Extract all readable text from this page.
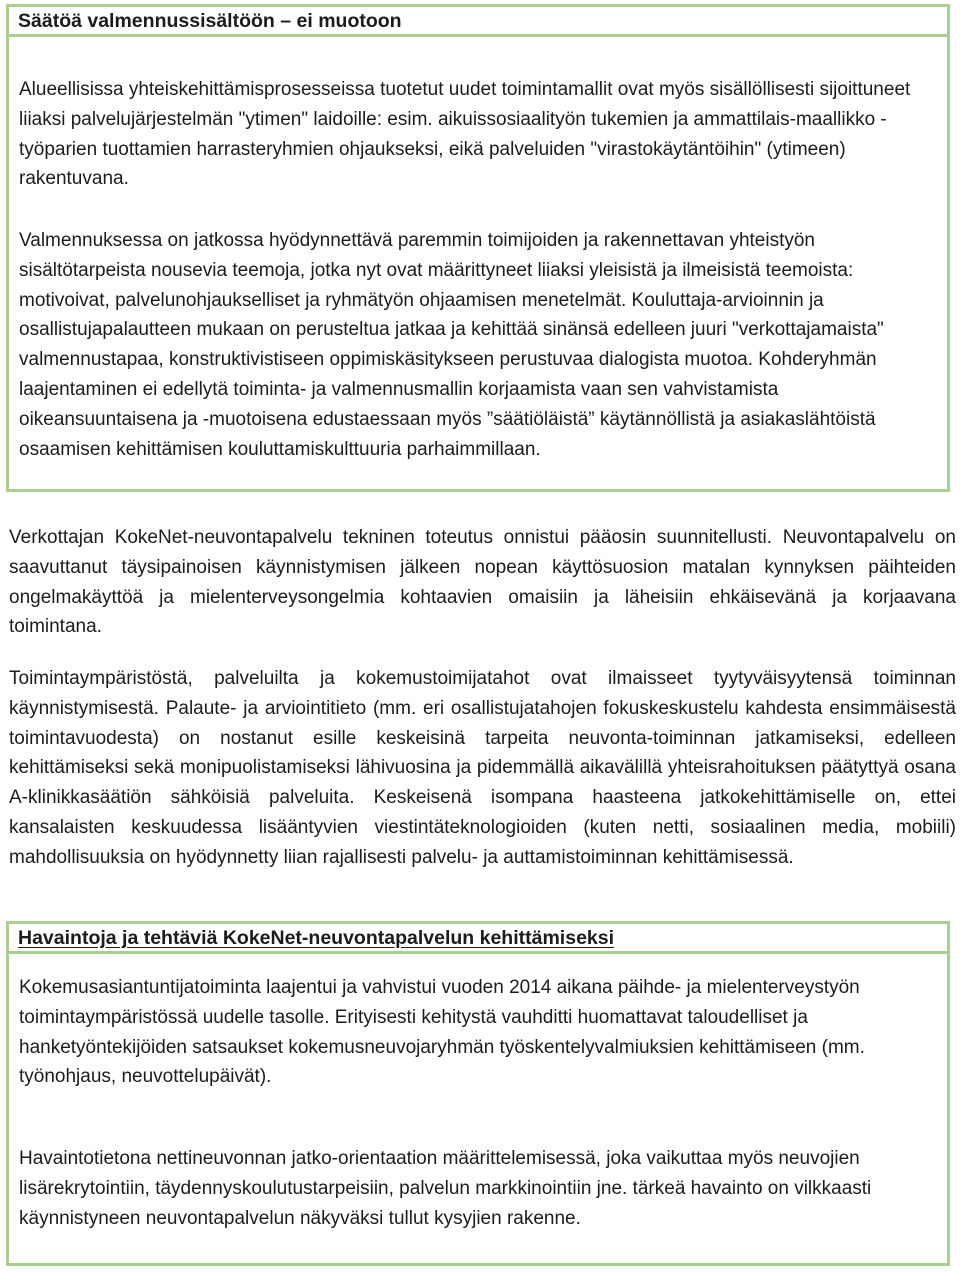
Säätöä valmennussisältöön – ei muotoon

Alueellisissa yhteiskehittämisprosesseissa tuotetut uudet toimintamallit ovat myös sisällöllisesti sijoittuneet liiaksi palvelujärjestelmän "ytimen" laidoille: esim. aikuissosiaalityön tukemien ja ammattilais-maallikko -työparien tuottamien harrasteryhmien ohjaukseksi, eikä palveluiden "virastokäytäntöihin" (ytimeen) rakentuvana.

Valmennuksessa on jatkossa hyödynnettävä paremmin toimijoiden ja rakennettavan yhteistyön sisältötarpeista nousevia teemoja, jotka nyt ovat määrittyneet liiaksi yleisistä ja ilmeisistä teemoista: motivoivat, palvelunohjaukselliset ja ryhmätyön ohjaamisen menetelmät. Kouluttaja-arvioinnin ja osallistujapalautteen mukaan on perusteltua jatkaa ja kehittää sinänsä edelleen juuri "verkottajamaista" valmennustapaa, konstruktivistiseen oppimiskäsitykseen perustuvaa dialogista muotoa. Kohderyhmän laajentaminen ei edellytä toiminta- ja valmennusmallin korjaamista vaan sen vahvistamista oikeansuuntaisena ja -muotoisena edustaessaan myös ”säätiöläistä” käytännöllistä ja asiakaslähtöistä osaamisen kehittämisen kouluttamiskulttuuria parhaimmillaan.

Verkottajan KokeNet-neuvontapalvelu tekninen toteutus onnistui pääosin suunnitellusti. Neuvontapalvelu on saavuttanut täysipainoisen käynnistymisen jälkeen nopean käyttösuosion matalan kynnyksen päihteiden ongelmakäyttöä ja mielenterveysongelmia kohtaavien omaisiin ja läheisiin ehkäisevänä ja korjaavana toimintana.

Toimintaympäristöstä, palveluilta ja kokemustoimijatahot ovat ilmaisseet tyytyväisyytensä toiminnan käynnistymisestä. Palaute- ja arviointitieto (mm. eri osallistujatahojen fokuskeskustelu kahdesta ensimmäisestä toimintavuodesta) on nostanut esille keskeisinä tarpeita neuvonta-toiminnan jatkamiseksi, edelleen kehittämiseksi sekä monipuolistamiseksi lähivuosina ja pidemmällä aikavälillä yhteisrahoituksen päätyttyä osana A-klinikkasäätiön sähköisiä palveluita. Keskeisenä isompana haasteena jatkokehittämiselle on, ettei kansalaisten keskuudessa lisääntyvien viestintäteknologioiden (kuten netti, sosiaalinen media, mobiili) mahdollisuuksia on hyödynnetty liian rajallisesti palvelu- ja auttamistoiminnan kehittämisessä.

Havaintoja ja tehtäviä KokeNet-neuvontapalvelun kehittämiseksi

Kokemusasiantuntijatoiminta laajentui ja vahvistui vuoden 2014 aikana päihde- ja mielenterveystyön toimintaympäristössä uudelle tasolle. Erityisesti kehitystä vauhditti huomattavat taloudelliset ja hanketyöntekijöiden satsaukset kokemusneuvojaryhmän työskentelyvalmiuksien kehittämiseen (mm. työnohjaus, neuvottelupäivät).

Havaintotietona nettineuvonnan jatko-orientaation määrittelemisessä, joka vaikuttaa myös neuvojien lisärekrytointiin, täydennyskoulutustarpeisiin, palvelun markkinointiin jne. tärkeä havainto on vilkkaasti käynnistyneen neuvontapalvelun näkyväksi tullut kysyjien rakenne.
